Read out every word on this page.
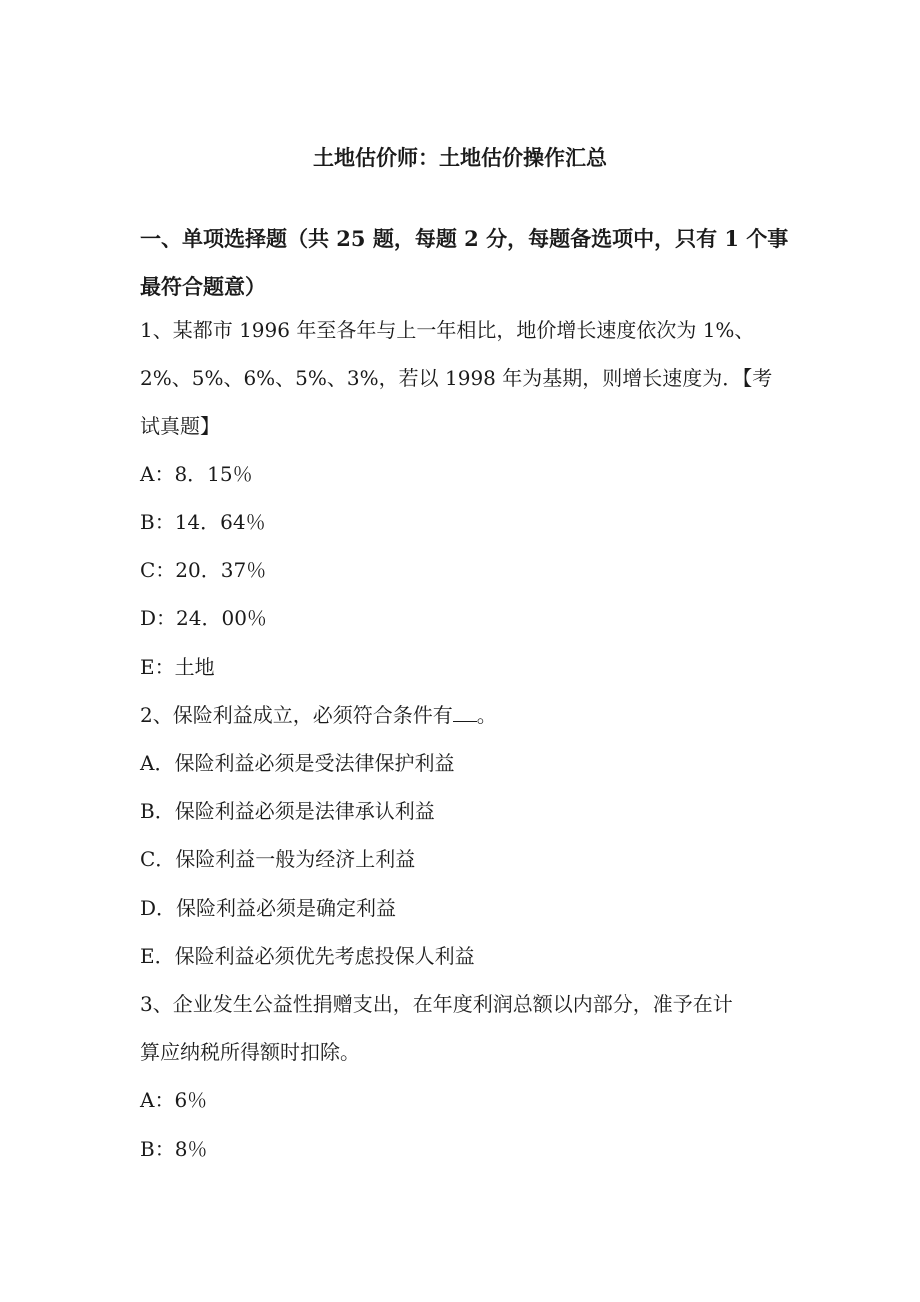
土地估价师：土地估价操作汇总
一、单项选择题（共 25 题，每题 2 分，每题备选项中，只有 1 个事
最符合题意）
1、某都市 1996 年至各年与上一年相比，地价增长速度依次为 1%、
2%、5%、6%、5%、3%，若以 1998 年为基期，则增长速度为．【考
试真题】
A：8．15％
B：14．64％
C：20．37％
D：24．00％
E：土地
2、保险利益成立，必须符合条件有 。
A．保险利益必须是受法律保护利益
B．保险利益必须是法律承认利益
C．保险利益一般为经济上利益
D．保险利益必须是确定利益
E．保险利益必须优先考虑投保人利益
3、企业发生公益性捐赠支出，在年度利润总额以内部分，准予在计
算应纳税所得额时扣除。
A：6％
B：8％
